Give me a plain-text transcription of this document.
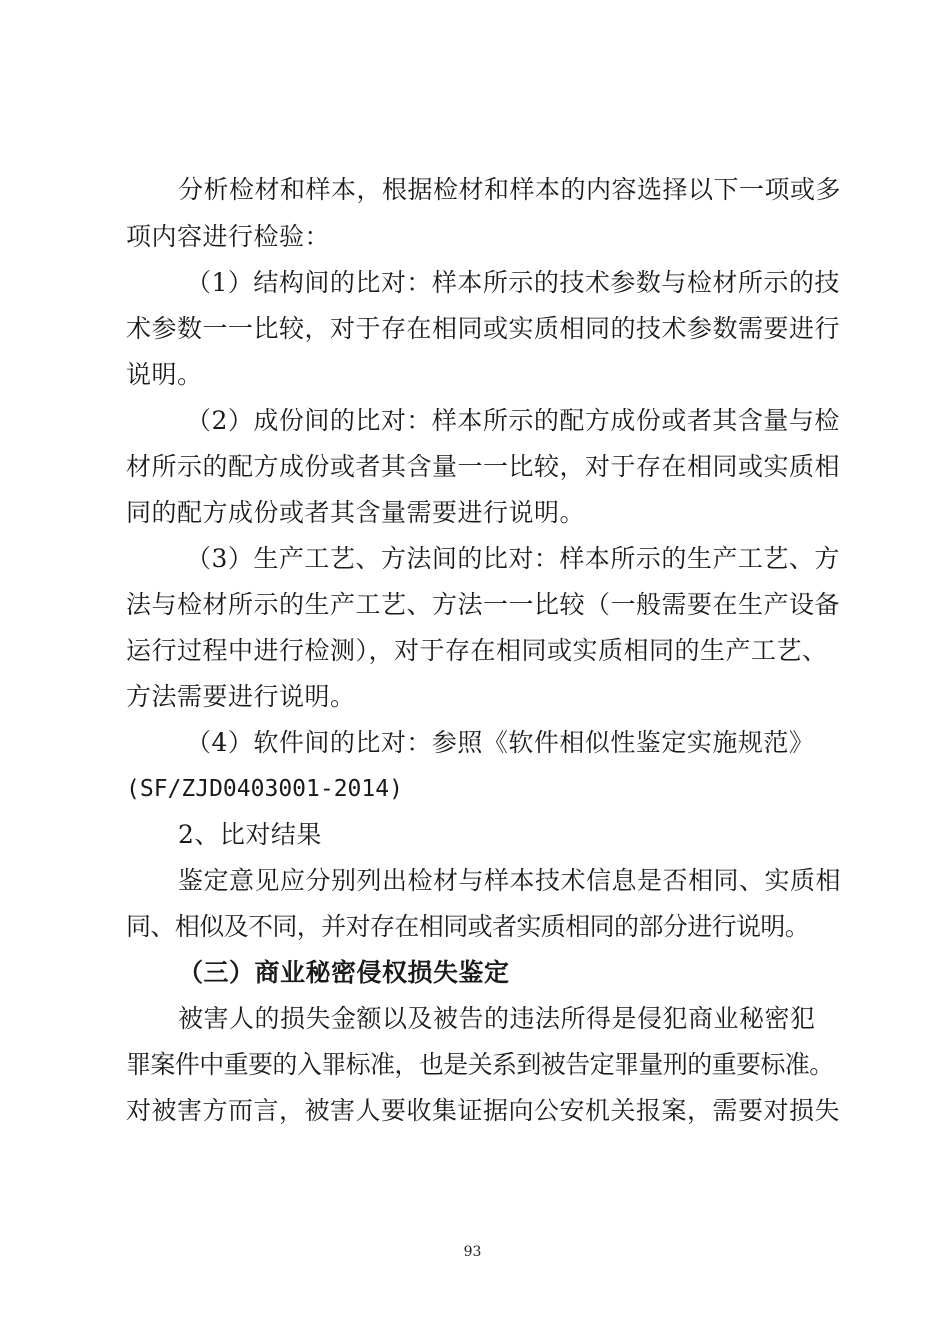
分析检材和样本，根据检材和样本的内容选择以下一项或多
项内容进行检验：
（1）结构间的比对：样本所示的技术参数与检材所示的技
术参数一一比较，对于存在相同或实质相同的技术参数需要进行
说明。
（2）成份间的比对：样本所示的配方成份或者其含量与检
材所示的配方成份或者其含量一一比较，对于存在相同或实质相
同的配方成份或者其含量需要进行说明。
（3）生产工艺、方法间的比对：样本所示的生产工艺、方
法与检材所示的生产工艺、方法一一比较（一般需要在生产设备
运行过程中进行检测），对于存在相同或实质相同的生产工艺、
方法需要进行说明。
（4）软件间的比对：参照《软件相似性鉴定实施规范》
(SF/ZJD0403001-2014)
2、比对结果
鉴定意见应分别列出检材与样本技术信息是否相同、实质相
同、相似及不同，并对存在相同或者实质相同的部分进行说明。
（三）商业秘密侵权损失鉴定
被害人的损失金额以及被告的违法所得是侵犯商业秘密犯
罪案件中重要的入罪标准，也是关系到被告定罪量刑的重要标准。
对被害方而言，被害人要收集证据向公安机关报案，需要对损失
93
